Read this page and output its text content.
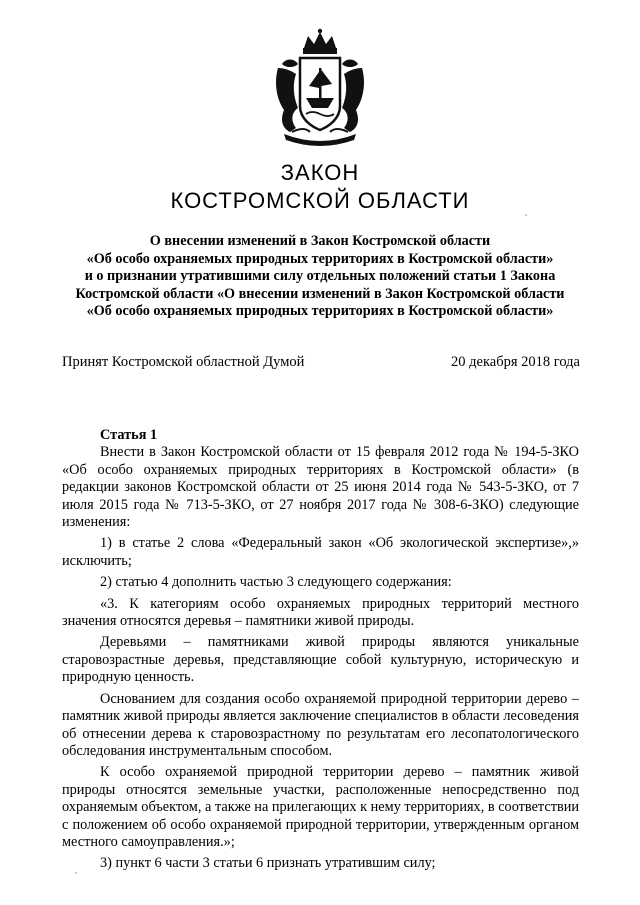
ЗАКОН
КОСТРОМСКОЙ ОБЛАСТИ
О внесении изменений в Закон Костромской области
«Об особо охраняемых природных территориях в Костромской области»
и о признании утратившими силу отдельных положений статьи 1 Закона
Костромской области «О внесении изменений в Закон Костромской области
«Об особо охраняемых природных территориях в Костромской области»
Принят Костромской областной Думой	20 декабря 2018 года
Статья 1

Внести в Закон Костромской области от 15 февраля 2012 года № 194-5-ЗКО «Об особо охраняемых природных территориях в Костромской области» (в редакции законов Костромской области от 25 июня 2014 года № 543-5-ЗКО, от 7 июля 2015 года № 713-5-ЗКО, от 27 ноября 2017 года № 308-6-ЗКО) следующие изменения:

1) в статье 2 слова «Федеральный закон «Об экологической экспертизе»,» исключить;

2) статью 4 дополнить частью 3 следующего содержания:

«3. К категориям особо охраняемых природных территорий местного значения относятся деревья – памятники живой природы.

Деревьями – памятниками живой природы являются уникальные старовозрастные деревья, представляющие собой культурную, историческую и природную ценность.

Основанием для создания особо охраняемой природной территории дерево – памятник живой природы является заключение специалистов в области лесоведения об отнесении дерева к старовозрастному по результатам его лесопатологического обследования инструментальным способом.

К особо охраняемой природной территории дерево – памятник живой природы относятся земельные участки, расположенные непосредственно под охраняемым объектом, а также на прилегающих к нему территориях, в соответствии с положением об особо охраняемой природной территории, утвержденным органом местного самоуправления.»;

3) пункт 6 части 3 статьи 6 признать утратившим силу;
